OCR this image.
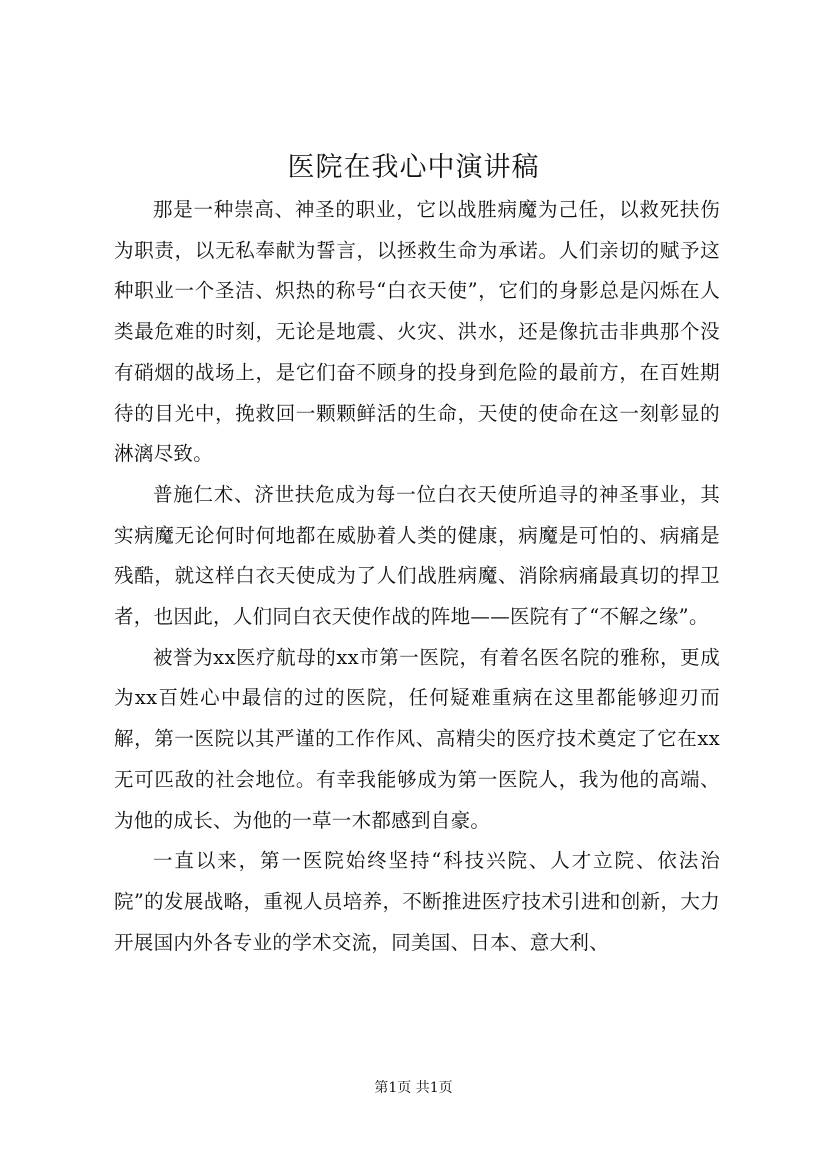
医院在我心中演讲稿

那是一种崇高、神圣的职业，它以战胜病魔为己任，以救死扶伤为职责，以无私奉献为誓言，以拯救生命为承诺。人们亲切的赋予这种职业一个圣洁、炽热的称号“白衣天使”，它们的身影总是闪烁在人类最危难的时刻，无论是地震、火灾、洪水，还是像抗击非典那个没有硝烟的战场上，是它们奋不顾身的投身到危险的最前方，在百姓期待的目光中，挽救回一颗颗鲜活的生命，天使的使命在这一刻彰显的淋漓尽致。

普施仁术、济世扶危成为每一位白衣天使所追寻的神圣事业，其实病魔无论何时何地都在威胁着人类的健康，病魔是可怕的、病痛是残酷，就这样白衣天使成为了人们战胜病魔、消除病痛最真切的捍卫者，也因此，人们同白衣天使作战的阵地——医院有了“不解之缘”。

被誉为xx医疗航母的xx市第一医院，有着名医名院的雅称，更成为xx百姓心中最信的过的医院，任何疑难重病在这里都能够迎刃而解，第一医院以其严谨的工作作风、高精尖的医疗技术奠定了它在xx无可匹敌的社会地位。有幸我能够成为第一医院人，我为他的高端、为他的成长、为他的一草一木都感到自豪。

一直以来，第一医院始终坚持“科技兴院、人才立院、依法治院”的发展战略，重视人员培养，不断推进医疗技术引进和创新，大力开展国内外各专业的学术交流，同美国、日本、意大利、

第1页 共1页
